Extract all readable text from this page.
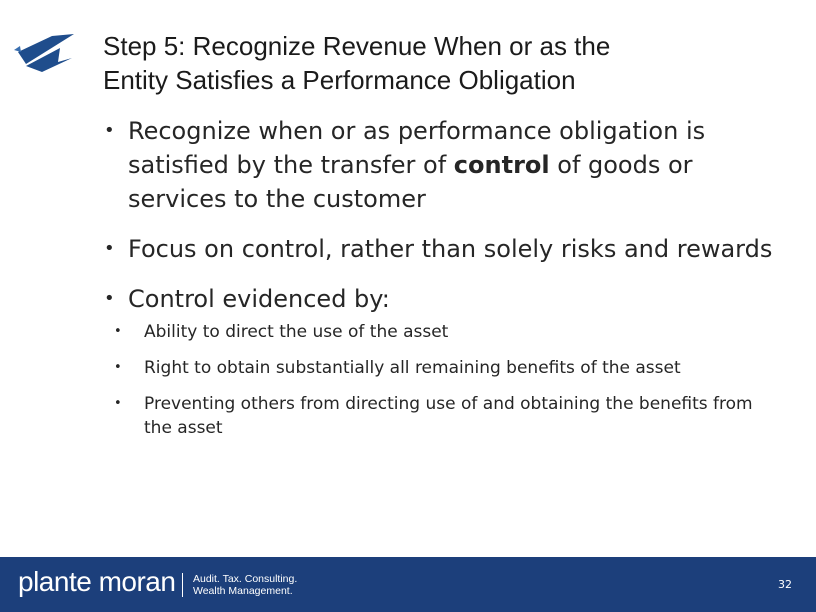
Step 5: Recognize Revenue When or as the
Entity Satisfies a Performance Obligation
• Recognize when or as performance obligation is satisfied by the transfer of control of goods or services to the customer
• Focus on control, rather than solely risks and rewards
• Control evidenced by:
• Ability to direct the use of the asset
• Right to obtain substantially all remaining benefits of the asset
• Preventing others from directing use of and obtaining the benefits from the asset
plante moran Audit. Tax. Consulting.
Wealth Management.	32
